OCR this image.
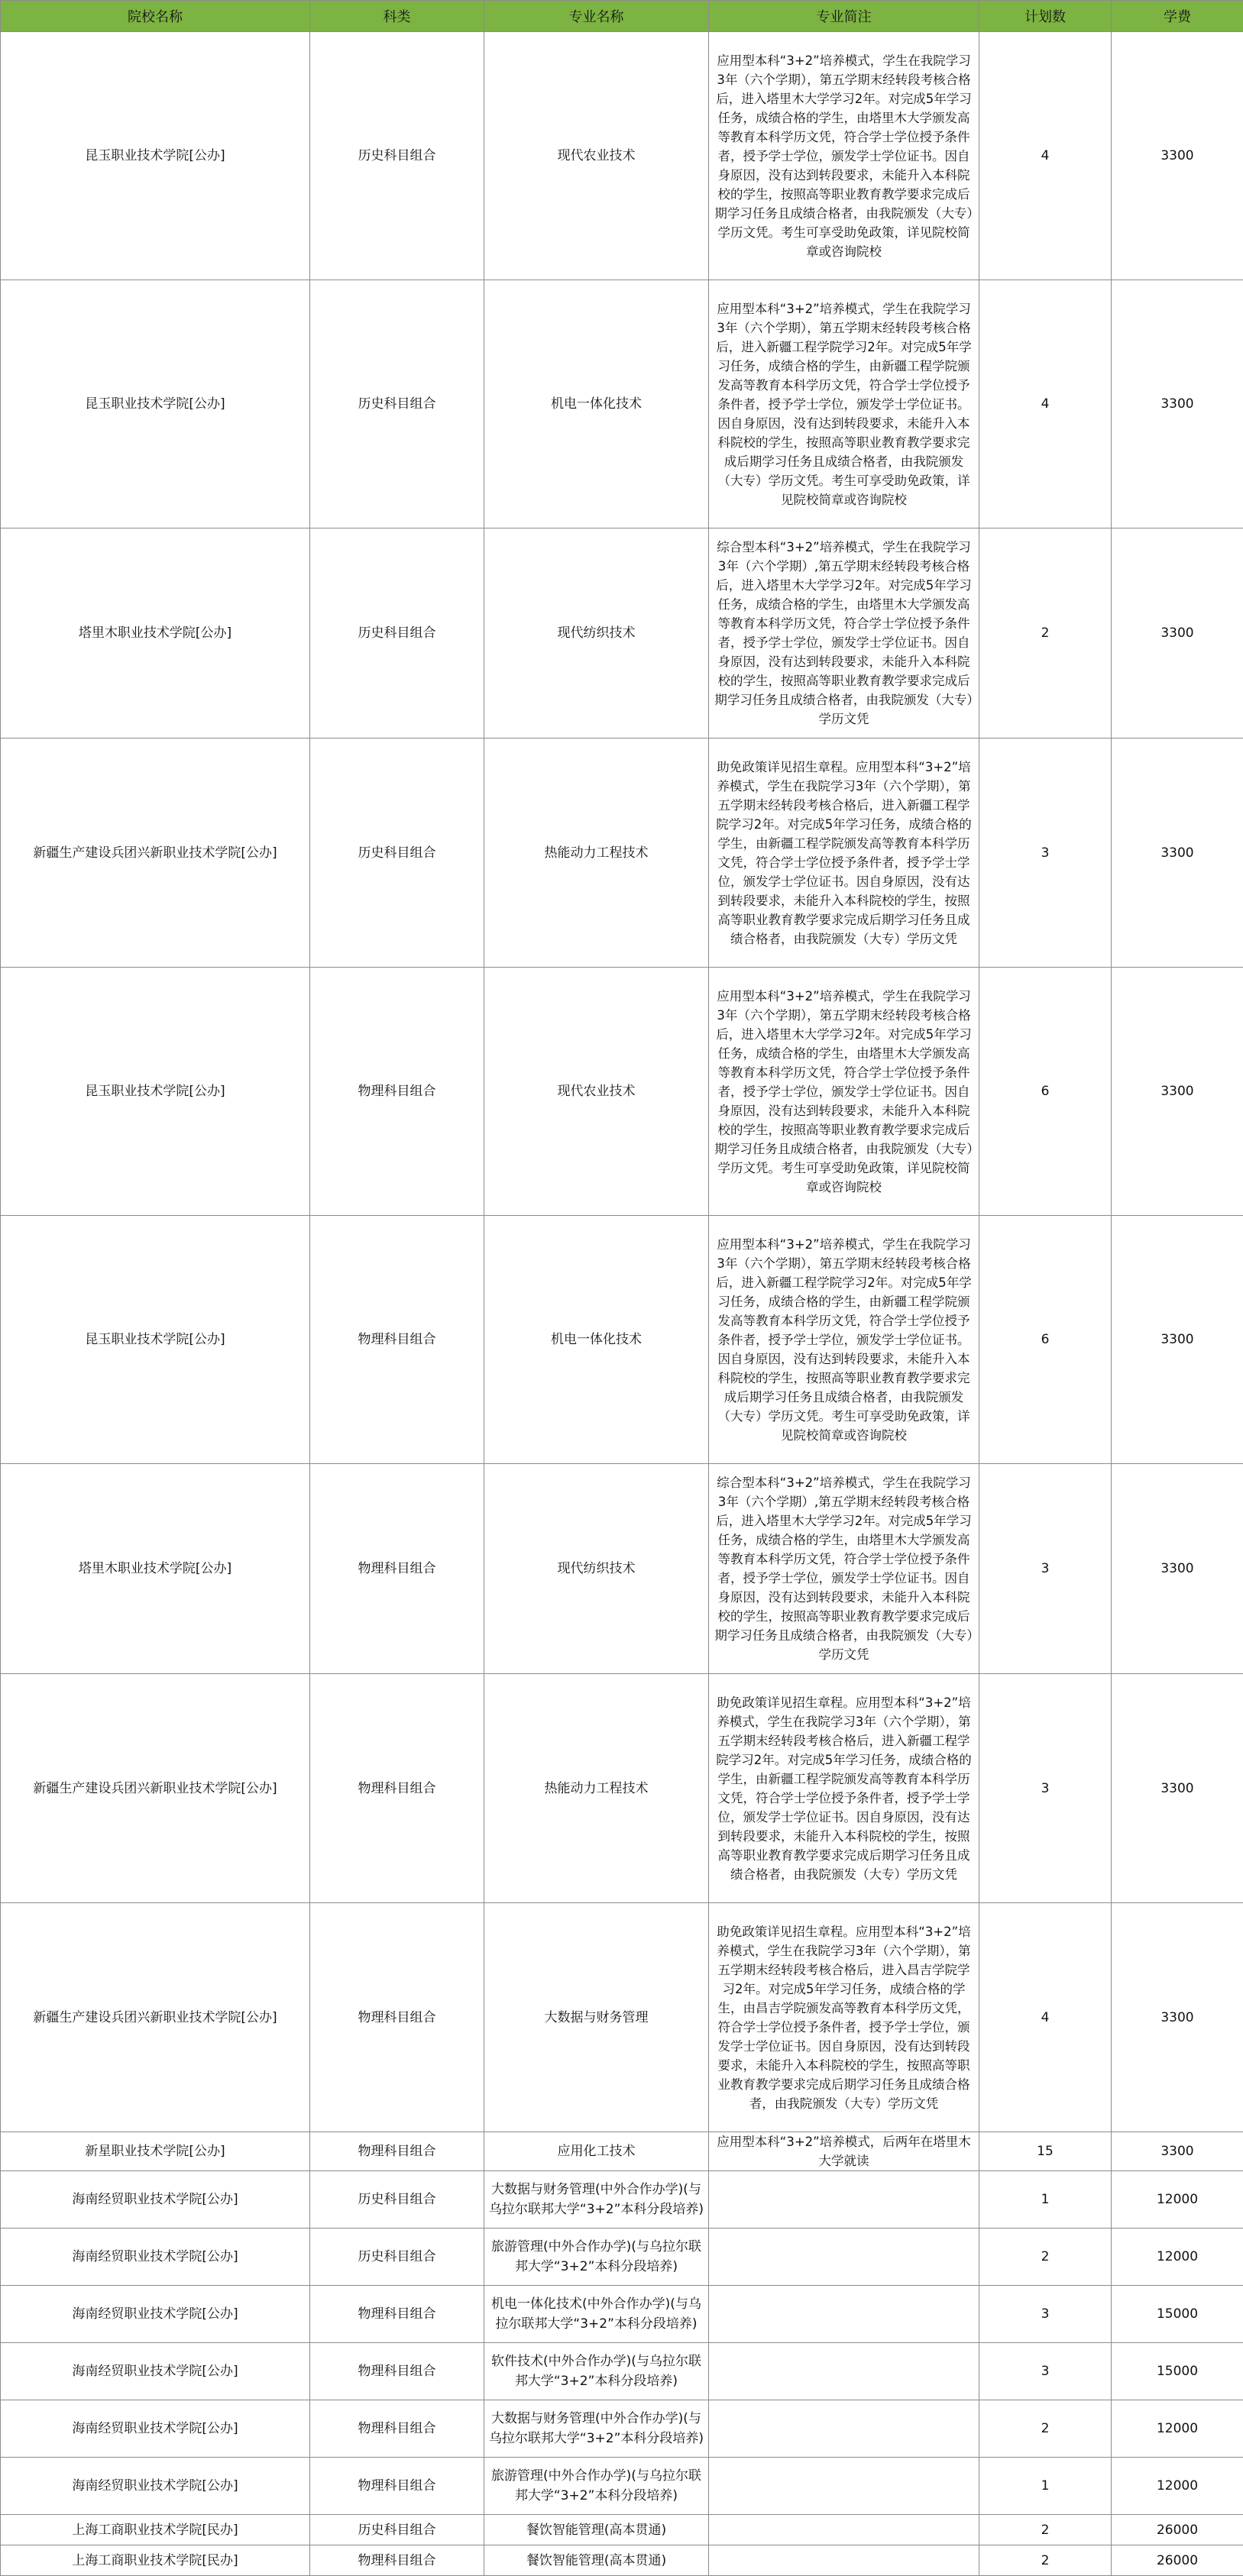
院校名称	科类	专业名称	专业简注	计划数	学费
昆玉职业技术学院[公办]	历史科目组合	现代农业技术	应用型本科“3+2”培养模式，学生在我院学习3年（六个学期），第五学期末经转段考核合格后，进入塔里木大学学习2年。对完成5年学习任务，成绩合格的学生，由塔里木大学颁发高等教育本科学历文凭，符合学士学位授予条件者，授予学士学位，颁发学士学位证书。因自身原因，没有达到转段要求，未能升入本科院校的学生，按照高等职业教育教学要求完成后期学习任务且成绩合格者，由我院颁发（大专）学历文凭。考生可享受助免政策，详见院校简章或咨询院校	4	3300
昆玉职业技术学院[公办]	历史科目组合	机电一体化技术	应用型本科“3+2”培养模式，学生在我院学习3年（六个学期），第五学期末经转段考核合格后，进入新疆工程学院学习2年。对完成5年学习任务，成绩合格的学生，由新疆工程学院颁发高等教育本科学历文凭，符合学士学位授予条件者，授予学士学位，颁发学士学位证书。因自身原因，没有达到转段要求，未能升入本科院校的学生，按照高等职业教育教学要求完成后期学习任务且成绩合格者，由我院颁发（大专）学历文凭。考生可享受助免政策，详见院校简章或咨询院校	4	3300
塔里木职业技术学院[公办]	历史科目组合	现代纺织技术	综合型本科“3+2”培养模式，学生在我院学习3年（六个学期）,第五学期末经转段考核合格后，进入塔里木大学学习2年。对完成5年学习任务，成绩合格的学生，由塔里木大学颁发高等教育本科学历文凭，符合学士学位授予条件者，授予学士学位，颁发学士学位证书。因自身原因，没有达到转段要求，未能升入本科院校的学生，按照高等职业教育教学要求完成后期学习任务且成绩合格者，由我院颁发（大专）学历文凭	2	3300
新疆生产建设兵团兴新职业技术学院[公办]	历史科目组合	热能动力工程技术	助免政策详见招生章程。应用型本科“3+2”培养模式，学生在我院学习3年（六个学期），第五学期末经转段考核合格后，进入新疆工程学院学习2年。对完成5年学习任务，成绩合格的学生，由新疆工程学院颁发高等教育本科学历文凭，符合学士学位授予条件者，授予学士学位，颁发学士学位证书。因自身原因，没有达到转段要求，未能升入本科院校的学生，按照高等职业教育教学要求完成后期学习任务且成绩合格者，由我院颁发（大专）学历文凭	3	3300
昆玉职业技术学院[公办]	物理科目组合	现代农业技术	应用型本科“3+2”培养模式，学生在我院学习3年（六个学期），第五学期末经转段考核合格后，进入塔里木大学学习2年。对完成5年学习任务，成绩合格的学生，由塔里木大学颁发高等教育本科学历文凭，符合学士学位授予条件者，授予学士学位，颁发学士学位证书。因自身原因，没有达到转段要求，未能升入本科院校的学生，按照高等职业教育教学要求完成后期学习任务且成绩合格者，由我院颁发（大专）学历文凭。考生可享受助免政策，详见院校简章或咨询院校	6	3300
昆玉职业技术学院[公办]	物理科目组合	机电一体化技术	应用型本科“3+2”培养模式，学生在我院学习3年（六个学期），第五学期末经转段考核合格后，进入新疆工程学院学习2年。对完成5年学习任务，成绩合格的学生，由新疆工程学院颁发高等教育本科学历文凭，符合学士学位授予条件者，授予学士学位，颁发学士学位证书。因自身原因，没有达到转段要求，未能升入本科院校的学生，按照高等职业教育教学要求完成后期学习任务且成绩合格者，由我院颁发（大专）学历文凭。考生可享受助免政策，详见院校简章或咨询院校	6	3300
塔里木职业技术学院[公办]	物理科目组合	现代纺织技术	综合型本科“3+2”培养模式，学生在我院学习3年（六个学期）,第五学期末经转段考核合格后，进入塔里木大学学习2年。对完成5年学习任务，成绩合格的学生，由塔里木大学颁发高等教育本科学历文凭，符合学士学位授予条件者，授予学士学位，颁发学士学位证书。因自身原因，没有达到转段要求，未能升入本科院校的学生，按照高等职业教育教学要求完成后期学习任务且成绩合格者，由我院颁发（大专）学历文凭	3	3300
新疆生产建设兵团兴新职业技术学院[公办]	物理科目组合	热能动力工程技术	助免政策详见招生章程。应用型本科“3+2”培养模式，学生在我院学习3年（六个学期），第五学期末经转段考核合格后，进入新疆工程学院学习2年。对完成5年学习任务，成绩合格的学生，由新疆工程学院颁发高等教育本科学历文凭，符合学士学位授予条件者，授予学士学位，颁发学士学位证书。因自身原因，没有达到转段要求，未能升入本科院校的学生，按照高等职业教育教学要求完成后期学习任务且成绩合格者，由我院颁发（大专）学历文凭	3	3300
新疆生产建设兵团兴新职业技术学院[公办]	物理科目组合	大数据与财务管理	助免政策详见招生章程。应用型本科“3+2”培养模式，学生在我院学习3年（六个学期），第五学期末经转段考核合格后，进入昌吉学院学习2年。对完成5年学习任务，成绩合格的学生，由昌吉学院颁发高等教育本科学历文凭，符合学士学位授予条件者，授予学士学位，颁发学士学位证书。因自身原因，没有达到转段要求，未能升入本科院校的学生，按照高等职业教育教学要求完成后期学习任务且成绩合格者，由我院颁发（大专）学历文凭	4	3300
新星职业技术学院[公办]	物理科目组合	应用化工技术	应用型本科“3+2”培养模式，后两年在塔里木大学就读	15	3300
海南经贸职业技术学院[公办]	历史科目组合	大数据与财务管理(中外合作办学)(与乌拉尔联邦大学“3+2”本科分段培养)		1	12000
海南经贸职业技术学院[公办]	历史科目组合	旅游管理(中外合作办学)(与乌拉尔联邦大学“3+2”本科分段培养)		2	12000
海南经贸职业技术学院[公办]	物理科目组合	机电一体化技术(中外合作办学)(与乌拉尔联邦大学“3+2”本科分段培养)		3	15000
海南经贸职业技术学院[公办]	物理科目组合	软件技术(中外合作办学)(与乌拉尔联邦大学“3+2”本科分段培养)		3	15000
海南经贸职业技术学院[公办]	物理科目组合	大数据与财务管理(中外合作办学)(与乌拉尔联邦大学“3+2”本科分段培养)		2	12000
海南经贸职业技术学院[公办]	物理科目组合	旅游管理(中外合作办学)(与乌拉尔联邦大学“3+2”本科分段培养)		1	12000
上海工商职业技术学院[民办]	历史科目组合	餐饮智能管理(高本贯通)		2	26000
上海工商职业技术学院[民办]	物理科目组合	餐饮智能管理(高本贯通)		2	26000
